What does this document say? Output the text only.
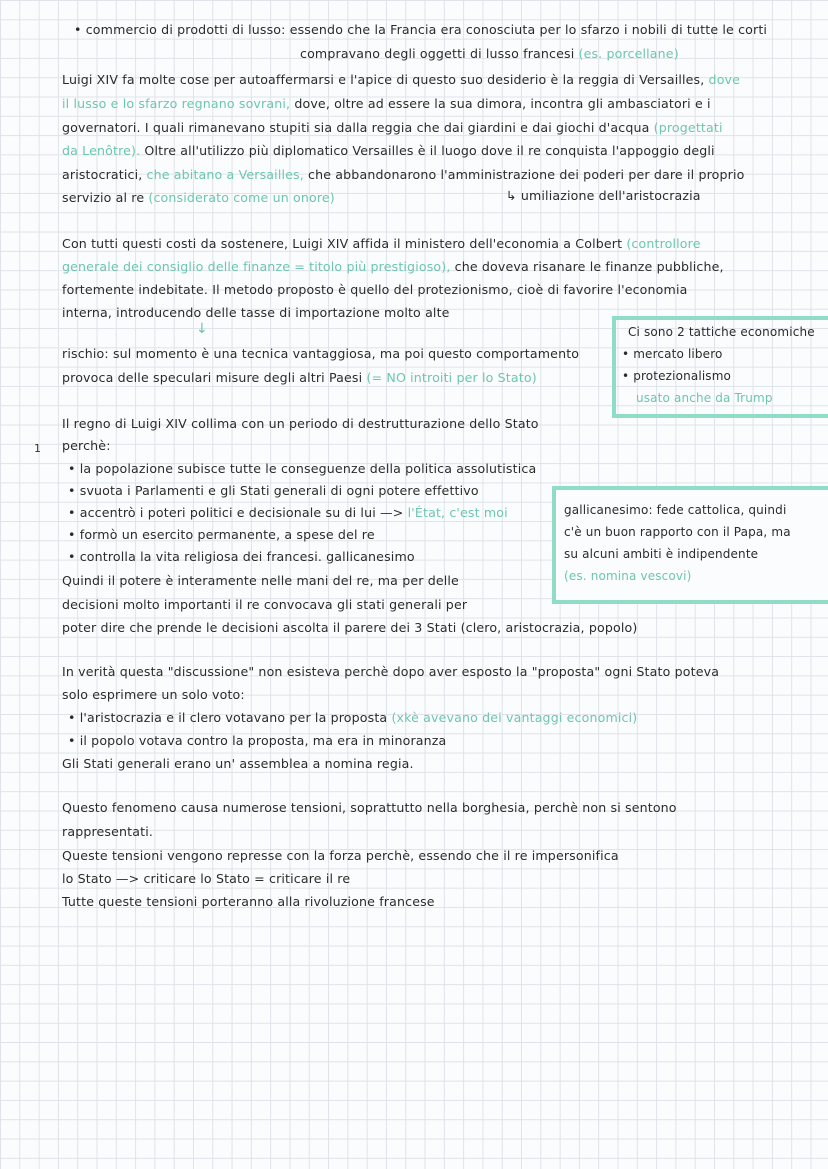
• commercio di prodotti di lusso: essendo che la Francia era conosciuta per lo sfarzo i nobili di tutte le corti
compravano degli oggetti di lusso francesi (es. porcellane)
Luigi XIV fa molte cose per autoaffermarsi e l'apice di questo suo desiderio è la reggia di Versailles, dove
il lusso e lo sfarzo regnano sovrani, dove, oltre ad essere la sua dimora, incontra gli ambasciatori e i
governatori. I quali rimanevano stupiti sia dalla reggia che dai giardini e dai giochi d'acqua (progettati
da Lenôtre). Oltre all'utilizzo più diplomatico Versailles è il luogo dove il re conquista l'appoggio degli
aristocratici, che abitano a Versailles, che abbandonarono l'amministrazione dei poderi per dare il proprio
servizio al re (considerato come un onore)	↳ umiliazione dell'aristocrazia
Con tutti questi costi da sostenere, Luigi XIV affida il ministero dell'economia a Colbert (controllore
generale dei consiglio delle finanze = titolo più prestigioso), che doveva risanare le finanze pubbliche,
fortemente indebitate. Il metodo proposto è quello del protezionismo, cioè di favorire l'economia
interna, introducendo delle tasse di importazione molto alte
↓
rischio: sul momento è una tecnica vantaggiosa, ma poi questo comportamento
provoca delle speculari misure degli altri Paesi (= NO introiti per lo Stato)
Ci sono 2 tattiche economiche
• mercato libero
• protezionalismo
usato anche da Trump
1
Il regno di Luigi XIV collima con un periodo di destrutturazione dello Stato
perchè:
• la popolazione subisce tutte le conseguenze della politica assolutistica
• svuota i Parlamenti e gli Stati generali di ogni potere effettivo
• accentrò i poteri politici e decisionale su di lui —> l'État, c'est moi
• formò un esercito permanente, a spese del re
• controlla la vita religiosa dei francesi. gallicanesimo
Quindi il potere è interamente nelle mani del re, ma per delle
decisioni molto importanti il re convocava gli stati generali per
poter dire che prende le decisioni ascolta il parere dei 3 Stati (clero, aristocrazia, popolo)
gallicanesimo: fede cattolica, quindi
c'è un buon rapporto con il Papa, ma
su alcuni ambiti è indipendente
(es. nomina vescovi)
In verità questa "discussione" non esisteva perchè dopo aver esposto la "proposta" ogni Stato poteva
solo esprimere un solo voto:
• l'aristocrazia e il clero votavano per la proposta (xkè avevano dei vantaggi economici)
• il popolo votava contro la proposta, ma era in minoranza
Gli Stati generali erano un' assemblea a nomina regia.
Questo fenomeno causa numerose tensioni, soprattutto nella borghesia, perchè non si sentono
rappresentati.
Queste tensioni vengono represse con la forza perchè, essendo che il re impersonifica
lo Stato —> criticare lo Stato = criticare il re
Tutte queste tensioni porteranno alla rivoluzione francese
